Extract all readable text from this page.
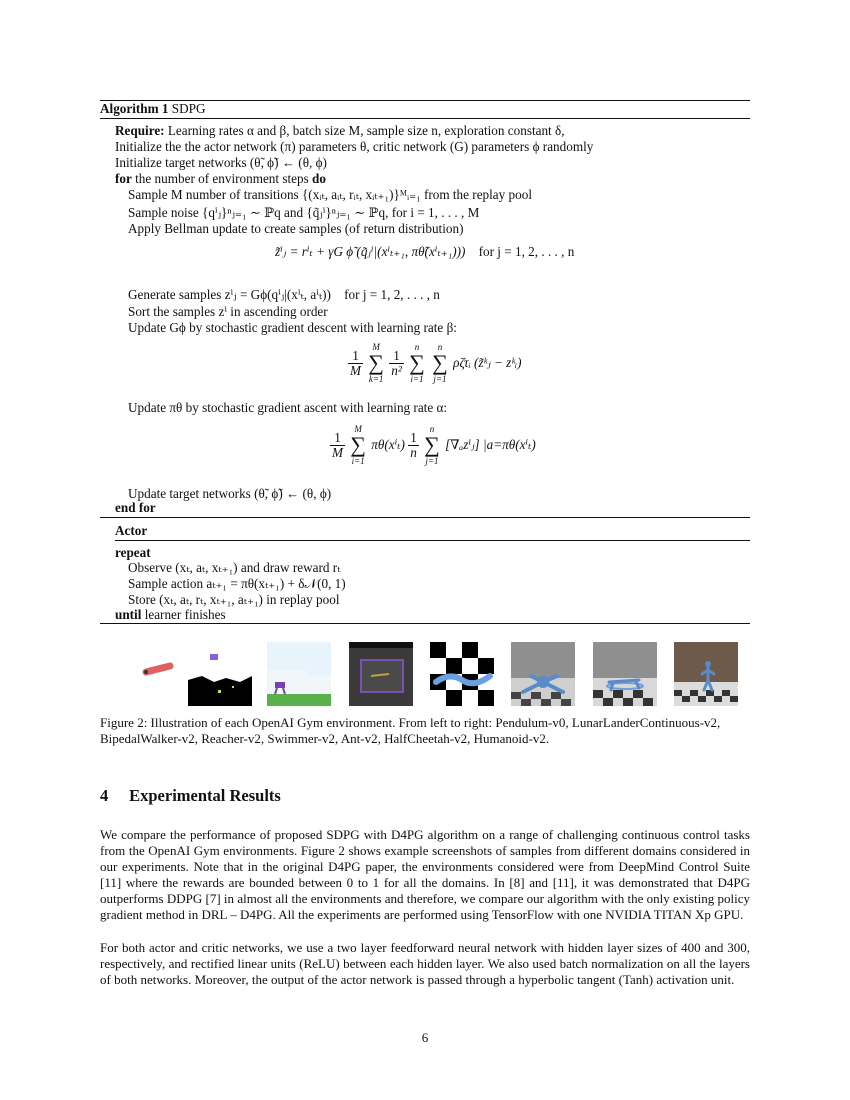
Algorithm 1 SDPG
Require: Learning rates α and β, batch size M, sample size n, exploration constant δ,
Initialize the the actor network (π) parameters θ, critic network (G) parameters ϕ randomly
Initialize target networks (θ̃, ϕ̃) ← (θ, ϕ)
for the number of environment steps do
Sample M number of transitions {(xᵢₜ, aᵢₜ, rᵢₜ, xᵢₜ₊₁)}ᴹᵢ₌₁ from the replay pool
Sample noise {qⁱⱼ}ⁿⱼ₌₁ ∼ ℙq and {q̃ⱼⁱ}ⁿⱼ₌₁ ∼ ℙq, for i = 1, . . . , M
Apply Bellman update to create samples (of return distribution)
z̃ⁱⱼ = rⁱₜ + γG ϕ̃ (q̃ⱼⁱ|(xⁱₜ₊₁, πθ̃(xⁱₜ₊₁))) for j = 1, 2, . . . , n
Generate samples zⁱⱼ = Gϕ(qⁱⱼ|(xⁱₜ, aⁱₜ)) for j = 1, 2, . . . , n
Sort the samples zⁱ in ascending order
Update Gϕ by stochastic gradient descent with learning rate β:
$\frac{1}{M}$

M
∑
k=1

$\frac{1}{\text{n²}}$

n
∑
i=1

n
∑
j=1
ρζτᵢ (z̃ᵏⱼ − zᵏᵢ)
Update πθ by stochastic gradient ascent with learning rate α:
$\frac{1}{M}$

M
∑
i=1
$\pi\theta(x^i_t) \frac{1}{n}$

n
∑
j=1
[∇ₐzⁱⱼ] |a=πθ(xⁱₜ)
Update target networks (θ̃, ϕ̃) ← (θ, ϕ)
end for
Actor
repeat
Observe (xₜ, aₜ, xₜ₊₁) and draw reward rₜ
Sample action aₜ₊₁ = πθ(xₜ₊₁) + δ𝒩(0, 1)
Store (xₜ, aₜ, rₜ, xₜ₊₁, aₜ₊₁) in replay pool
until learner finishes
Figure 2: Illustration of each OpenAI Gym environment. From left to right: Pendulum-v0, LunarLanderContinuous-v2,
BipedalWalker-v2, Reacher-v2, Swimmer-v2, Ant-v2, HalfCheetah-v2, Humanoid-v2.
4 Experimental Results
We compare the performance of proposed SDPG with D4PG algorithm on a range of challenging continuous control tasks from the OpenAI Gym environments. Figure 2 shows example screenshots of samples from different domains considered in our experiments. Note that in the original D4PG paper, the environments considered were from DeepMind Control Suite [11] where the rewards are bounded between 0 to 1 for all the domains. In [8] and [11], it was demonstrated that D4PG outperforms DDPG [7] in almost all the environments and therefore, we compare our algorithm with the only existing policy gradient method in DRL – D4PG. All the experiments are performed using TensorFlow with one NVIDIA TITAN Xp GPU.
For both actor and critic networks, we use a two layer feedforward neural network with hidden layer sizes of 400 and 300, respectively, and rectified linear units (ReLU) between each hidden layer. We also used batch normalization on all the layers of both networks. Moreover, the output of the actor network is passed through a hyperbolic tangent (Tanh) activation unit.
6
